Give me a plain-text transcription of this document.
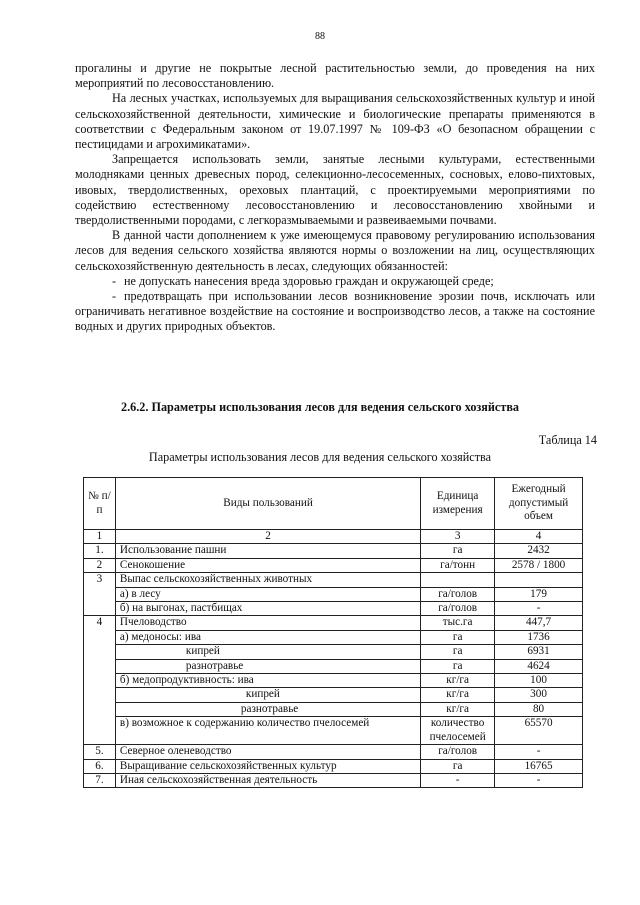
88

прогалины и другие не покрытые лесной растительностью земли, до проведения на них мероприятий по лесовосстановлению.

На лесных участках, используемых для выращивания сельскохозяйственных культур и иной сельскохозяйственной деятельности, химические и биологические препараты применяются в соответствии с Федеральным законом от 19.07.1997 № 109-ФЗ «О безопасном обращении с пестицидами и агрохимикатами».

Запрещается использовать земли, занятые лесными культурами, естественными молодняками ценных древесных пород, селекционно-лесосеменных, сосновых, елово-пихтовых, ивовых, твердолиственных, ореховых плантаций, с проектируемыми мероприятиями по содействию естественному лесовосстановлению и лесовосстановлению хвойными и твердолиственными породами, с легкоразмываемыми и развеиваемыми почвами.

В данной части дополнением к уже имеющемуся правовому регулированию использования лесов для ведения сельского хозяйства являются нормы о возложении на лиц, осуществляющих сельскохозяйственную деятельность в лесах, следующих обязанностей:

- не допускать нанесения вреда здоровью граждан и окружающей среде;

- предотвращать при использовании лесов возникновение эрозии почв, исключать или ограничивать негативное воздействие на состояние и воспроизводство лесов, а также на состояние водных и других природных объектов.

2.6.2. Параметры использования лесов для ведения сельского хозяйства
Таблица 14
Параметры использования лесов для ведения сельского хозяйства
№ п/п	Виды пользований	Единица измерения	Ежегодный допустимый объем
1	2	3	4
1.	Использование пашни	га	2432
2	Сенокошение	га/тонн	2578 / 1800
3	Выпас сельскохозяйственных животных		
	а) в лесу	га/голов	179
	б) на выгонах, пастбищах	га/голов	-
4	Пчеловодство	тыс.га	447,7
	а) медоносы: ива	га	1736
	кипрей	га	6931
	разнотравье	га	4624
	б) медопродуктивность: ива	кг/га	100
	кипрей	кг/га	300
	разнотравье	кг/га	80
	в) возможное к содержанию количество пчелосемей	количество пчелосемей	65570
5.	Северное оленеводство	га/голов	-
6.	Выращивание сельскохозяйственных культур	га	16765
7.	Иная сельскохозяйственная деятельность	-	-
